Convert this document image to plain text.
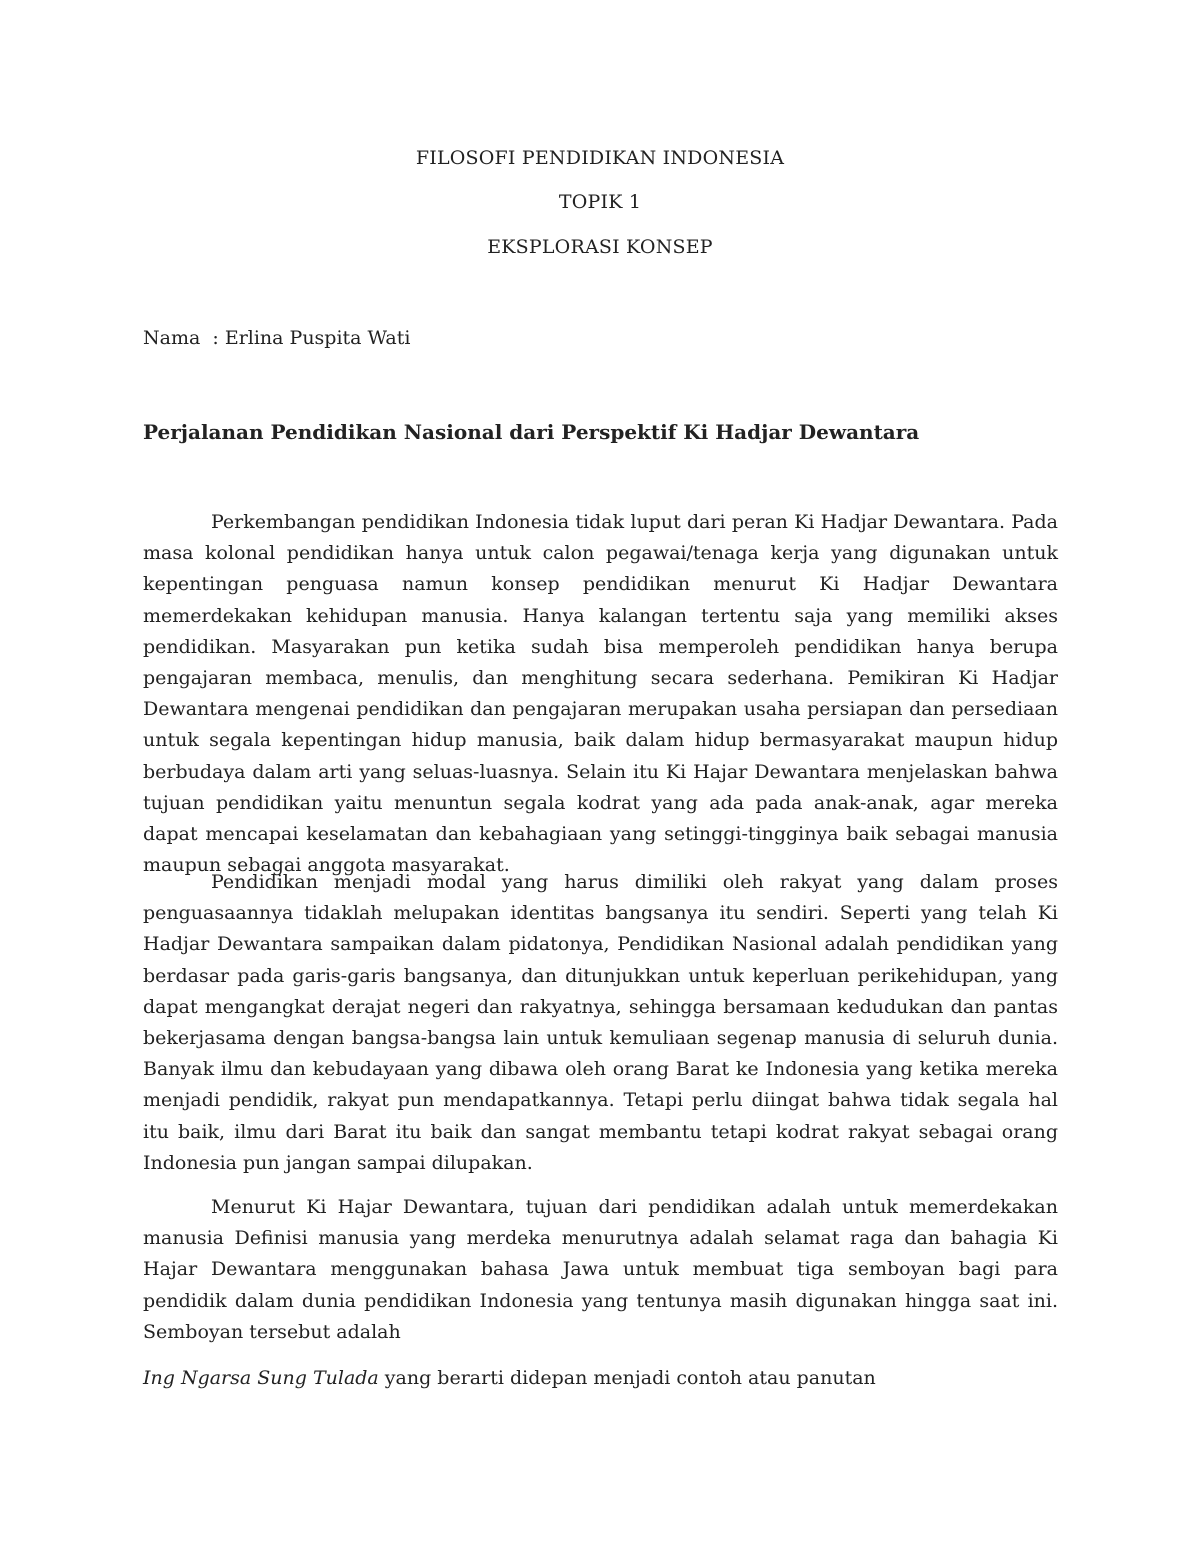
FILOSOFI PENDIDIKAN INDONESIA
TOPIK 1
EKSPLORASI KONSEP
Nama  : Erlina Puspita Wati
Perjalanan Pendidikan Nasional dari Perspektif Ki Hadjar Dewantara

Perkembangan pendidikan Indonesia tidak luput dari peran Ki Hadjar Dewantara. Pada masa kolonal pendidikan hanya untuk calon pegawai/tenaga kerja yang digunakan untuk kepentingan penguasa namun konsep pendidikan menurut Ki Hadjar Dewantara memerdekakan kehidupan manusia. Hanya kalangan tertentu saja yang memiliki akses pendidikan. Masyarakan pun ketika sudah bisa memperoleh pendidikan hanya berupa pengajaran membaca, menulis, dan menghitung secara sederhana. Pemikiran Ki Hadjar Dewantara mengenai pendidikan dan pengajaran merupakan usaha persiapan dan persediaan untuk segala kepentingan hidup manusia, baik dalam hidup bermasyarakat maupun hidup berbudaya dalam arti yang seluas-luasnya. Selain itu Ki Hajar Dewantara menjelaskan bahwa tujuan pendidikan yaitu menuntun segala kodrat yang ada pada anak-anak, agar mereka dapat mencapai keselamatan dan kebahagiaan yang setinggi-tingginya baik sebagai manusia maupun sebagai anggota masyarakat.

Pendidikan menjadi modal yang harus dimiliki oleh rakyat yang dalam proses penguasaannya tidaklah melupakan identitas bangsanya itu sendiri. Seperti yang telah Ki Hadjar Dewantara sampaikan dalam pidatonya, Pendidikan Nasional adalah pendidikan yang berdasar pada garis-garis bangsanya, dan ditunjukkan untuk keperluan perikehidupan, yang dapat mengangkat derajat negeri dan rakyatnya, sehingga bersamaan kedudukan dan pantas bekerjasama dengan bangsa-bangsa lain untuk kemuliaan segenap manusia di seluruh dunia. Banyak ilmu dan kebudayaan yang dibawa oleh orang Barat ke Indonesia yang ketika mereka menjadi pendidik, rakyat pun mendapatkannya. Tetapi perlu diingat bahwa tidak segala hal itu baik, ilmu dari Barat itu baik dan sangat membantu tetapi kodrat rakyat sebagai orang Indonesia pun jangan sampai dilupakan.

Menurut Ki Hajar Dewantara, tujuan dari pendidikan adalah untuk memerdekakan manusia Definisi manusia yang merdeka menurutnya adalah selamat raga dan bahagia Ki Hajar Dewantara menggunakan bahasa Jawa untuk membuat tiga semboyan bagi para pendidik dalam dunia pendidikan Indonesia yang tentunya masih digunakan hingga saat ini. Semboyan tersebut adalah

Ing Ngarsa Sung Tulada yang berarti didepan menjadi contoh atau panutan
